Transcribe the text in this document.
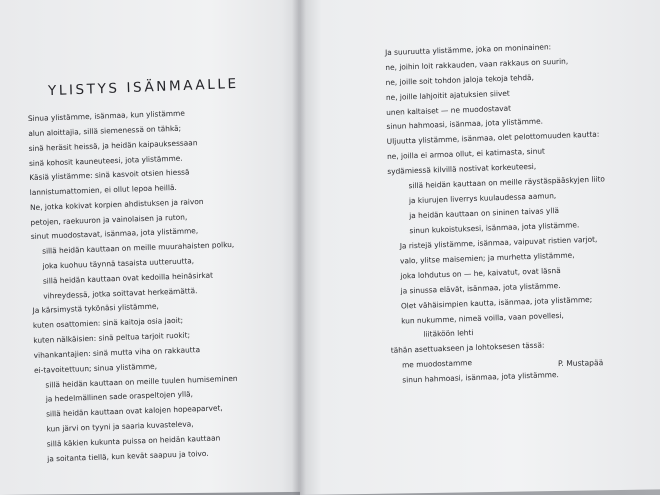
YLISTYS ISÄNMAALLE
Sinua ylistämme, isänmaa, kun ylistämme
alun aloittajia, sillä siemenessä on tähkä;
sinä heräsit heissä, ja heidän kaipauksessaan
sinä kohosit kauneuteesi, jota ylistämme.
Käsiä ylistämme: sinä kasvoit otsien hiessä
lannistumattomien, ei ollut lepoa heillä.
Ne, jotka kokivat korpien ahdistuksen ja raivon
petojen, raekuuron ja vainolaisen ja ruton,
sinut muodostavat, isänmaa, jota ylistämme,
sillä heidän kauttaan on meille muurahaisten polku,
joka kuohuu täynnä tasaista uutteruutta,
sillä heidän kauttaan ovat kedoilla heinäsirkat
vihreydessä, jotka soittavat herkeämättä.
Ja kärsimystä tykönäsi ylistämme,
kuten osattomien: sinä kaitoja osia jaoit;
kuten nälkäisien: sinä peltua tarjoit ruokit;
vihankantajien: sinä mutta viha on rakkautta
ei-tavoitettuun; sinua ylistämme,
sillä heidän kauttaan on meille tuulen humiseminen
ja hedelmällinen sade oraspeltojen yllä,
sillä heidän kauttaan ovat kalojen hopeaparvet,
kun järvi on tyyni ja saaria kuvasteleva,
sillä käkien kukunta puissa on heidän kauttaan
ja soitanta tiellä, kun kevät saapuu ja toivo.
Ja suuruutta ylistämme, joka on moninainen:
ne, joihin loit rakkauden, vaan rakkaus on suurin,
ne, joille soit tohdon jaloja tekoja tehdä,
ne, joille lahjoitit ajatuksien siivet
unen kaltaiset — ne muodostavat
sinun hahmoasi, isänmaa, jota ylistämme.
Uljuutta ylistämme, isänmaa, olet pelottomuuden kautta:
ne, joilla ei armoa ollut, ei katimasta, sinut
sydämiessä kilvillä nostivat korkeuteesi,
sillä heidän kauttaan on meille räystäspääskyjen liito
ja kiurujen liverrys kuulaudessa aamun,
ja heidän kauttaan on sininen taivas yllä
sinun kukoistuksesi, isänmaa, jota ylistämme.
Ja ristejä ylistämme, isänmaa, vaipuvat ristien varjot,
valo, ylitse maisemien; ja murhetta ylistämme,
joka lohdutus on — he, kaivatut, ovat läsnä
ja sinussa elävät, isänmaa, jota ylistämme.
Olet vähäisimpien kautta, isänmaa, jota ylistämme;
kun nukumme, nimeä voilla, vaan povellesi,
liitäköön lehti
tähän asettuakseen ja lohtoksesen tässä:
me muodostamme
sinun hahmoasi, isänmaa, jota ylistämme.
P. Mustapää
